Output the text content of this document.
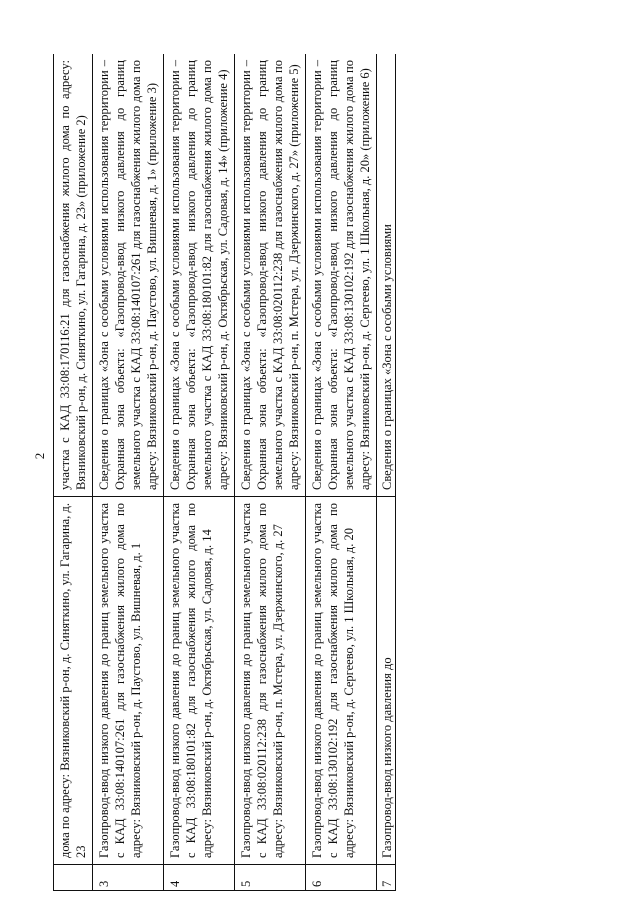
2
	дома по адресу: Вязниковский р-он, д. Синяткино, ул. Гагарина, д. 23	участка с КАД 33:08:170116:21 для газоснабжения жилого дома по адресу: Вязниковский р-он, д. Синяткино, ул. Гагарина, д. 23» (приложение 2)
3	Газопровод-ввод низкого давления до границ земельного участка с КАД 33:08:140107:261 для газоснабжения жилого дома по адресу: Вязниковский р-он, д. Паустово, ул. Вишневая, д. 1	Сведения о границах «Зона с особыми условиями использования территории – Охранная зона объекта: «Газопровод-ввод низкого давления до границ земельного участка с КАД 33:08:140107:261 для газоснабжения жилого дома по адресу: Вязниковский р-он, д. Паустово, ул. Вишневая, д. 1» (приложение 3)
4	Газопровод-ввод низкого давления до границ земельного участка с КАД 33:08:180101:82 для газоснабжения жилого дома по адресу: Вязниковский р-он, д. Октябрьская, ул. Садовая, д. 14	Сведения о границах «Зона с особыми условиями использования территории – Охранная зона объекта: «Газопровод-ввод низкого давления до границ земельного участка с КАД 33:08:180101:82 для газоснабжения жилого дома по адресу: Вязниковский р-он, д. Октябрьская, ул. Садовая, д. 14» (приложение 4)
5	Газопровод-ввод низкого давления до границ земельного участка с КАД 33:08:020112:238 для газоснабжения жилого дома по адресу: Вязниковский р-он, п. Мстера, ул. Дзержинского, д. 27	Сведения о границах «Зона с особыми условиями использования территории – Охранная зона объекта: «Газопровод-ввод низкого давления до границ земельного участка с КАД 33:08:020112:238 для газоснабжения жилого дома по адресу: Вязниковский р-он, п. Мстера, ул. Дзержинского, д. 27» (приложение 5)
6	Газопровод-ввод низкого давления до границ земельного участка с КАД 33:08:130102:192 для газоснабжения жилого дома по адресу: Вязниковский р-он, д. Сергеево, ул. 1 Школьная, д. 20	Сведения о границах «Зона с особыми условиями использования территории – Охранная зона объекта: «Газопровод-ввод низкого давления до границ земельного участка с КАД 33:08:130102:192 для газоснабжения жилого дома по адресу: Вязниковский р-он, д. Сергеево, ул. 1 Школьная, д. 20» (приложение 6)
7	Газопровод-ввод низкого давления до	Сведения о границах «Зона с особыми условиями
